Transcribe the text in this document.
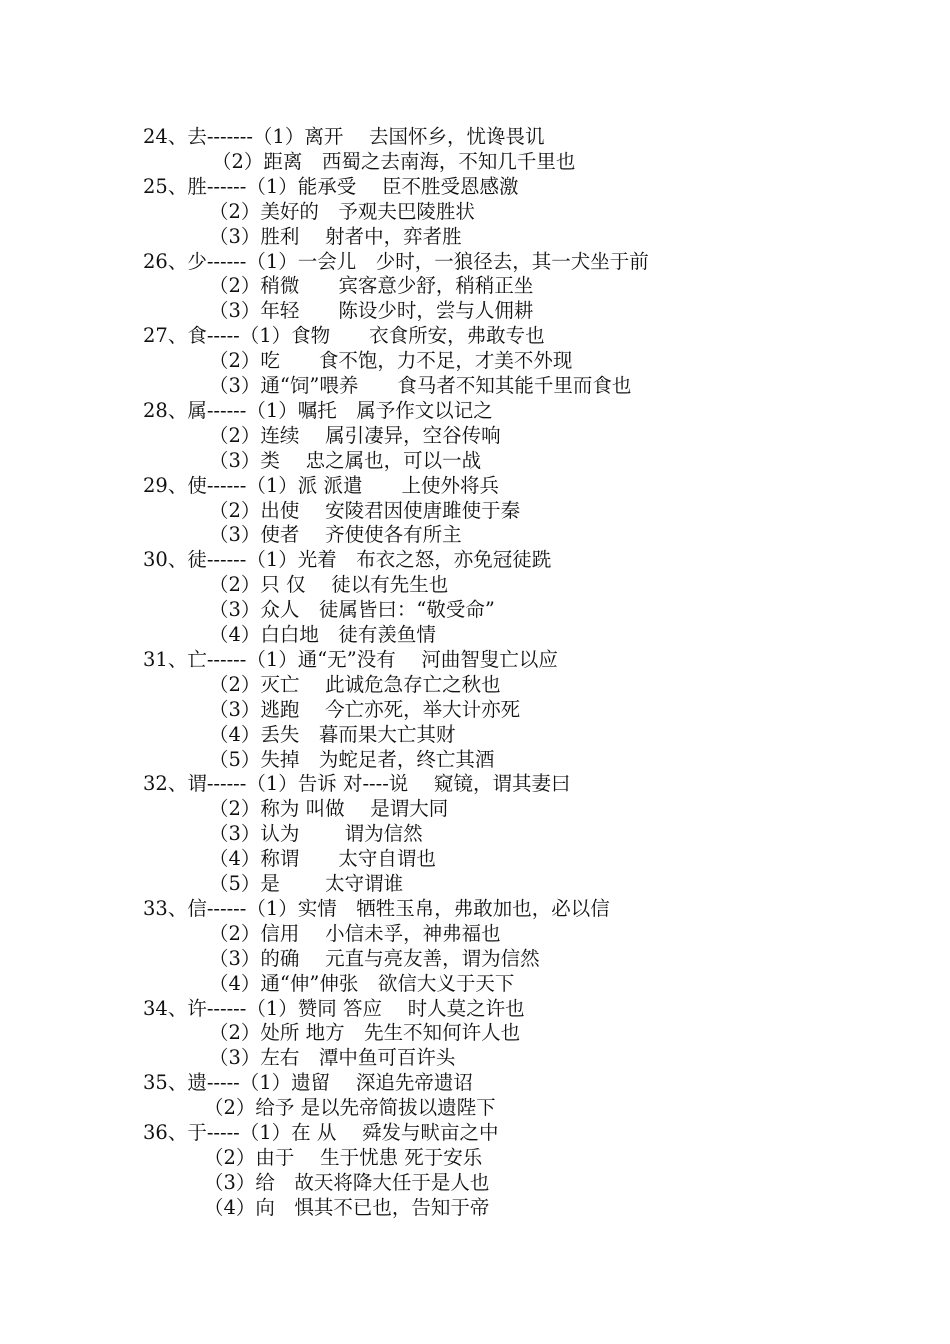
24、去-------（1）离开　 去国怀乡，忧谗畏讥
（2）距离　西蜀之去南海，不知几千里也
25、胜------（1）能承受　 臣不胜受恩感激
（2）美好的　予观夫巴陵胜状
（3）胜利　 射者中，弈者胜
26、少------（1）一会儿　少时，一狼径去，其一犬坐于前
（2）稍微　　宾客意少舒，稍稍正坐
（3）年轻　　陈设少时，尝与人佣耕
27、食-----（1）食物　　衣食所安，弗敢专也
（2）吃　　食不饱，力不足，才美不外现
（3）通“饲”喂养　　食马者不知其能千里而食也
28、属------（1）嘱托　属予作文以记之
（2）连续　 属引凄异，空谷传响
（3）类　 忠之属也，可以一战
29、使------（1）派 派遣　　上使外将兵
（2）出使　 安陵君因使唐雎使于秦
（3）使者　 齐使使各有所主
30、徒------（1）光着　布衣之怒，亦免冠徒跣
（2）只 仅　 徒以有先生也
（3）众人　徒属皆曰：“敬受命”
（4）白白地　徒有羡鱼情
31、亡------（1）通“无”没有　 河曲智叟亡以应
（2）灭亡　 此诚危急存亡之秋也
（3）逃跑　 今亡亦死，举大计亦死
（4）丢失　暮而果大亡其财
（5）失掉　为蛇足者，终亡其酒
32、谓------（1）告诉 对----说　 窥镜，谓其妻曰
（2）称为 叫做　 是谓大同
（3）认为　　 谓为信然
（4）称谓　　太守自谓也
（5）是　　 太守谓谁
33、信------（1）实情　牺牲玉帛，弗敢加也，必以信
（2）信用　 小信未孚，神弗福也
（3）的确　 元直与亮友善，谓为信然
（4）通“伸”伸张　欲信大义于天下
34、许------（1）赞同 答应　 时人莫之许也
（2）处所 地方　先生不知何许人也
（3）左右　潭中鱼可百许头
35、遗-----（1）遗留　 深追先帝遗诏
（2）给予 是以先帝简拔以遗陛下
36、于-----（1）在 从　 舜发与畎亩之中
（2）由于　 生于忧患 死于安乐
（3）给　故天将降大任于是人也
（4）向　惧其不已也，告知于帝
